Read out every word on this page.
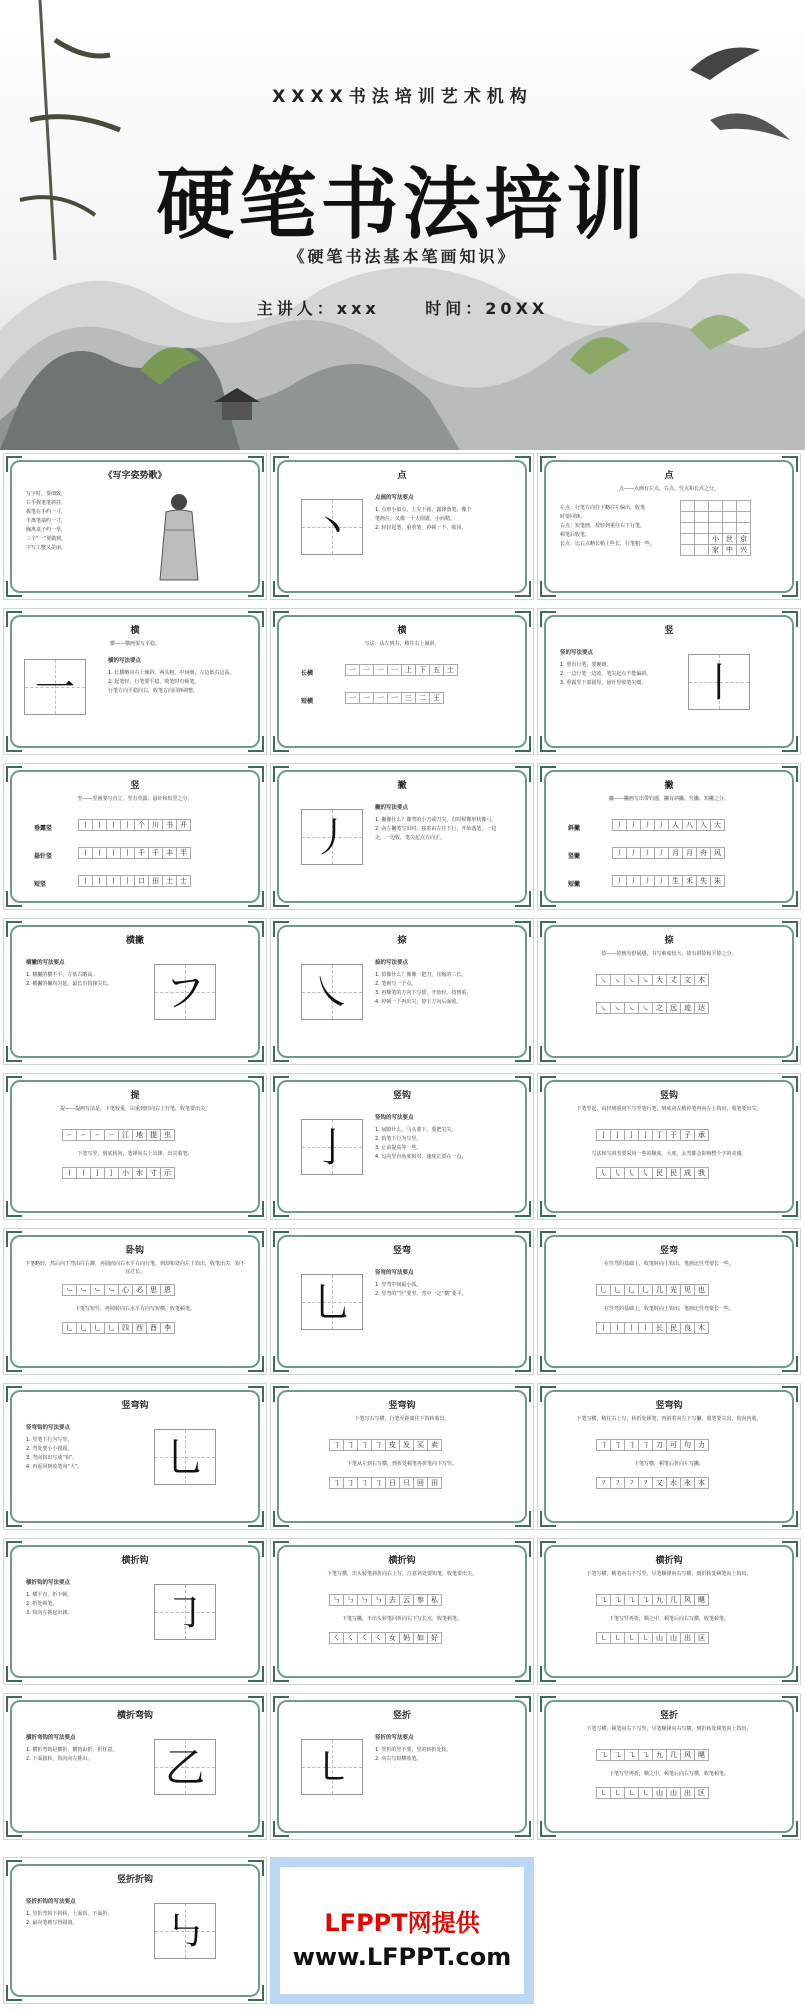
XXXX书法培训艺术机构
硬笔书法培训
《硬笔书法基本笔画知识》
主讲人：xxx	时间：20XX
《写字姿势歌》
写字时，要细致，
右手握笔笔斜挂，
握笔在手约一寸，
手离笔端约一寸，
胸离桌子约一拳，
三个“一”要做到，
字写工整又美丽。
点
丶
点画的写法要点
1. 点形小似点，上尖下圆，露锋落笔。像个
笔画位，又像一个大圆锥，小而精。
2. 轻轻起笔，重着笔，停顿一下，收回。
点
点——点画有左点、右点、竖点和长点之分。
左点：行笔方向往下略往左偏出，收笔
时要回锋。
右点：短笔画，按轻到重往右下行笔，
顿笔后收笔。
长点：比右点略长稍上些长，行笔粗一些。

		小	丝	京
		家	中	兴
横
横——横画要写平稳。
一
横的写法要点
1. 长横略向右上倾斜，两头粗，中间细，左边低右边高。
2. 起笔轻，行笔要平稳，收笔时有顿笔。
行笔方向平稳向右，收笔方向回锋调整。
横
写法：从左到右，稍往右上倾斜。
长横
								一	一	一	一	上	下	五	土
短横
							一	一	一	一	三	二	王
竖
丨
竖的写法要点
1. 垂直行笔，要硬朗。
2. 一边行笔一边收，笔尖起点不能偏斜。
3. 垂露竖下部圆厚，悬针竖收笔尖细。
竖
竖——竖画要写直立，竖有垂露、悬针和短竖之分。
垂露竖
								丨	丨	丨	丨	个	川	书	开
悬针竖
								丨	丨	丨	丨	千	千	丰	半
短竖
								丨	丨	丨	丨	口	田	土	士
撇
丿
撇的写法要点
1. 撇像什么？像弯的小刀或刀尖，有时候像形状像弓。
2. 向左撇笔写出时，接着由左往下行，开始落笔，一边走，一边收。笔尖起点方向正。
撇
撇——撇画写出带钓感，撇有斜撇、竖撇、短撇之分。
斜撇
								丿	丿	丿	丿	人	八	入	大
竖撇
								丿	丿	丿	丿	月	月	舟	风
短撇
								丿	丿	丿	丿	生	禾	失	朱
横撇
フ
横撇的写法要点
1. 横撇的横不平，左低右略高。
2. 横撇的撇均匀延，最长有钩锋尖长。
捺
㇏
捺的写法要点
1. 捺像什么？像像一把刀，压缩的三长。
2. 笔画写一个点。
3. 再顺笔的方向下写捺，开始轻，按到重。
4. 停顿一下再出尖，捺下方向后面收。
捺
捺——捺画有舒展感，书写难度较大，捺有斜捺和平捺之分。

㇏	㇏	㇏	㇏	大	丈	文	木

㇏	㇏	㇏	㇏	之	远	迹	达
提
提——提画写法是，下笔较重，由重到轻向右上行笔，收笔要出尖。

㇀	㇀	㇀	㇀	江	地	提	虫

丨	丨	亅	亅	小	水	寸	示
下笔写竖，到底转向，笔锋向右上出锋，出尖收笔。
竖钩
亅
竖钩的写法要点
1. 间隙什么，马头要下，要把尖尖。
2. 钩笔下行为写竖。
3. 止前提高等一些。
4. 勾向竖直角度相对，速度正要在一点。
竖钩
下笔竖起，由轻到重向下写竖笔行笔，到底向左稍停笔再向左上钩出，收笔要出尖。

亅	亅	亅	亅	丁	于	子	承

㇂	㇂	㇂	㇂	民	民	成	我
写法和写斜竖要采用一些的顺度、大度、太弯都会影响整个字的美感。
卧钩
下笔略轻，然后向下弯由往右蹲，再圆而向右水平方向行笔，到却和处向左上钩出，收笔出尖，钩不宜过长。

㇃	㇃	㇃	㇃	心	必	思	恩

乚	乚	乚	乚	四	西	酉	李
下笔写短竖，再圆转向右水平方向写短横，收笔顿笔。
竖弯
乚
竖弯的写法要点
1. 竖弯中间最小弧。
2. 竖弯的“竖”要竖、弯中一定“横”要平。
竖弯
在竖弯的基础上，收笔时向上钩出，笔画比竖弯要长一些。

乚	乚	乚	乚	几	光	见	也

丨	丨	丨	丨	长	民	良	木
在竖弯的基础上，收笔时向上钩出，笔画比竖弯要长一些。
竖弯钩
乚
竖弯钩的写法要点
1. 竖笔下行为写竖。
2. 弯处要小小圆圆。
3. 弯向钩出写成“钩”。
4. 再返回到收笔向“大”。
竖弯钩
下笔写右写横，行笔至距离往下钩转收出。

㇆	㇆	㇆	㇆	皮	发	买	卖

㇆	㇆	㇆	㇆	日	只	回	田
下笔从左到右写横，到折处顿笔再折笔向下写竖。
竖弯钩
下笔写横，稍往右上写，转折处顿笔，再斜着向左下写撇，收笔要尖出，钩向内收。

㇆	㇆	㇆	㇆	刀	可	句	力

㇇	㇇	㇇	㇇	又	水	永	本
下笔写横，顿笔后折向左写撇。
横折钩
㇆
横折钩的写法要点
1. 横平直，折下顿。
2. 折处顿笔。
3. 钩向左挑起出锋。
横折钩
下笔写横，出头转笔斜折向右上写，注意斜处要钩笔，收笔要出尖。

㇉	㇉	㇉	㇉	去	云	参	私

㇛	㇛	㇛	㇛	女	妈	如	好
下笔写撇，不出头转笔回折向右下写长点，收笔顿笔。
横折钩
下笔写横，稍笔向右下写竖，尽笔顺锋向右写横，到折转处顿笔向上钩出。

㇈	㇈	㇈	㇈	九	几	风	飓

㇄	㇄	㇄	㇄	山	山	出	区
下笔写竖再折，顺之中，顿笔后向右写横，收笔顿笔。
横折弯钩
乙
横折弯钩的写法要点
1. 横折弯钩是横折、横钩由折，折任意。
2. 下面圆转，钩向向左挑出。
竖折
㇄
竖折的写法要点
1. 竖折的竖不要，竖的转折处转。
2. 向右写短横收笔。
竖折
下笔写横，顿笔向右下写竖，尽笔顺锋向右写横，到折转处顿笔向上钩出。

㇈	㇈	㇈	㇈	九	几	风	飓

㇄	㇄	㇄	㇄	山	山	出	区
下笔写竖再折，顺之中，顿笔后向右写横，收笔顿笔。
竖折折钩
㇉
竖折折钩的写法要点
1. 竖折弯钩下斜转，上面钩，下面折。
2. 最向笔画写得圆润。	LFPPT网提供
www.LFPPT.com
